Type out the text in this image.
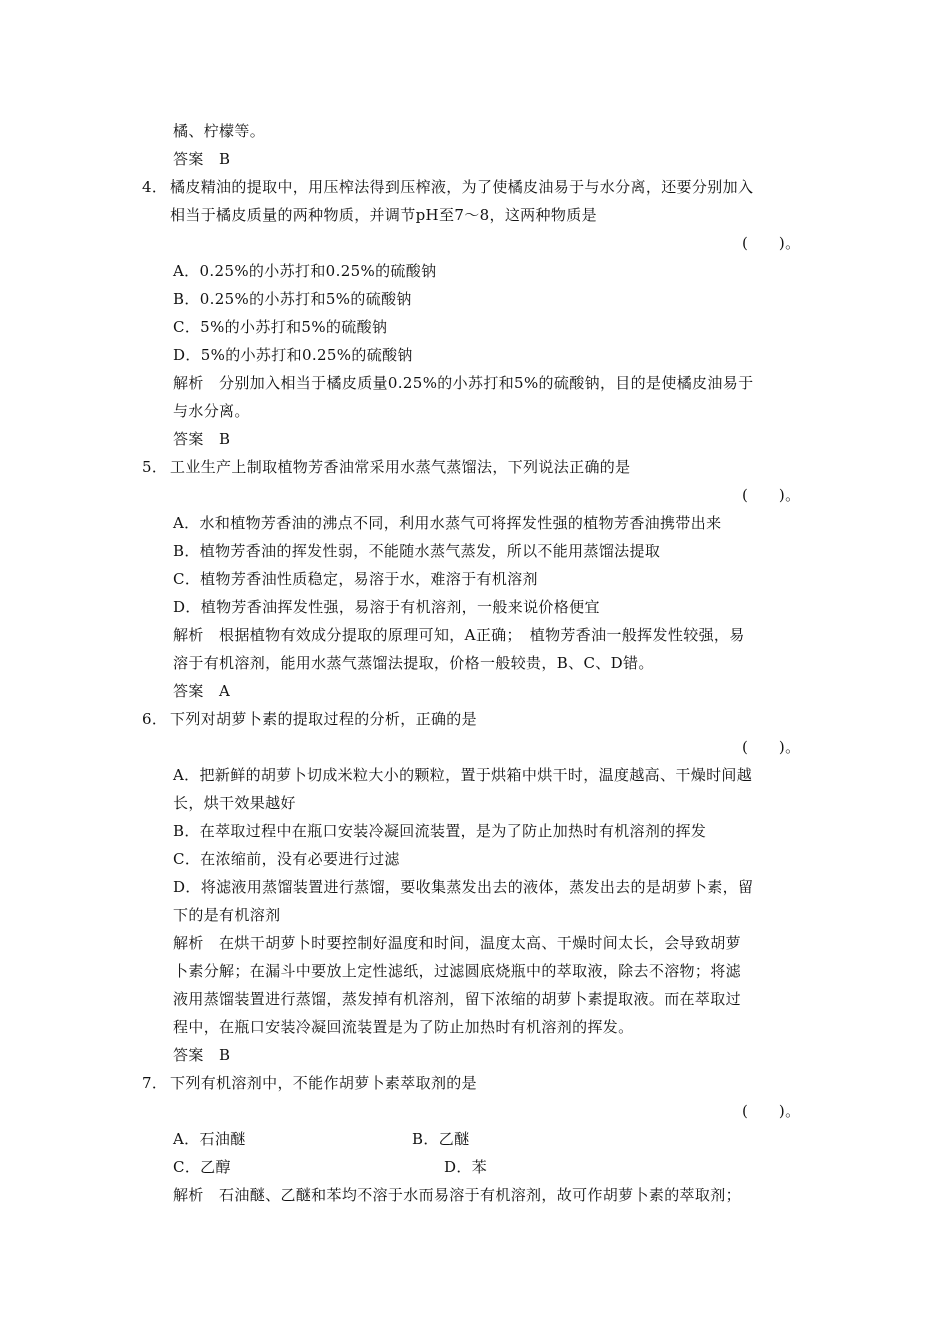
橘、柠檬等。
答案　B
4． 橘皮精油的提取中，用压榨法得到压榨液，为了使橘皮油易于与水分离，还要分别加入
相当于橘皮质量的两种物质，并调节pH至7～8，这两种物质是
(　　)。
A．0.25%的小苏打和0.25%的硫酸钠
B．0.25%的小苏打和5%的硫酸钠
C．5%的小苏打和5%的硫酸钠
D．5%的小苏打和0.25%的硫酸钠
解析　分别加入相当于橘皮质量0.25%的小苏打和5%的硫酸钠，目的是使橘皮油易于
与水分离。
答案　B
5． 工业生产上制取植物芳香油常采用水蒸气蒸馏法，下列说法正确的是
(　　)。
A．水和植物芳香油的沸点不同，利用水蒸气可将挥发性强的植物芳香油携带出来
B．植物芳香油的挥发性弱，不能随水蒸气蒸发，所以不能用蒸馏法提取
C．植物芳香油性质稳定，易溶于水，难溶于有机溶剂
D．植物芳香油挥发性强，易溶于有机溶剂，一般来说价格便宜
解析　根据植物有效成分提取的原理可知，A正确；　植物芳香油一般挥发性较强，易
溶于有机溶剂，能用水蒸气蒸馏法提取，价格一般较贵，B、C、D错。
答案　A
6． 下列对胡萝卜素的提取过程的分析，正确的是
(　　)。
A．把新鲜的胡萝卜切成米粒大小的颗粒，置于烘箱中烘干时，温度越高、干燥时间越
长，烘干效果越好
B．在萃取过程中在瓶口安装冷凝回流装置，是为了防止加热时有机溶剂的挥发
C．在浓缩前，没有必要进行过滤
D．将滤液用蒸馏装置进行蒸馏，要收集蒸发出去的液体，蒸发出去的是胡萝卜素，留
下的是有机溶剂
解析　在烘干胡萝卜时要控制好温度和时间，温度太高、干燥时间太长，会导致胡萝
卜素分解；在漏斗中要放上定性滤纸，过滤圆底烧瓶中的萃取液，除去不溶物；将滤
液用蒸馏装置进行蒸馏，蒸发掉有机溶剂，留下浓缩的胡萝卜素提取液。而在萃取过
程中，在瓶口安装冷凝回流装置是为了防止加热时有机溶剂的挥发。
答案　B
7． 下列有机溶剂中，不能作胡萝卜素萃取剂的是
(　　)。
A．石油醚	B．乙醚
C．乙醇	D．苯
解析　石油醚、乙醚和苯均不溶于水而易溶于有机溶剂，故可作胡萝卜素的萃取剂；
